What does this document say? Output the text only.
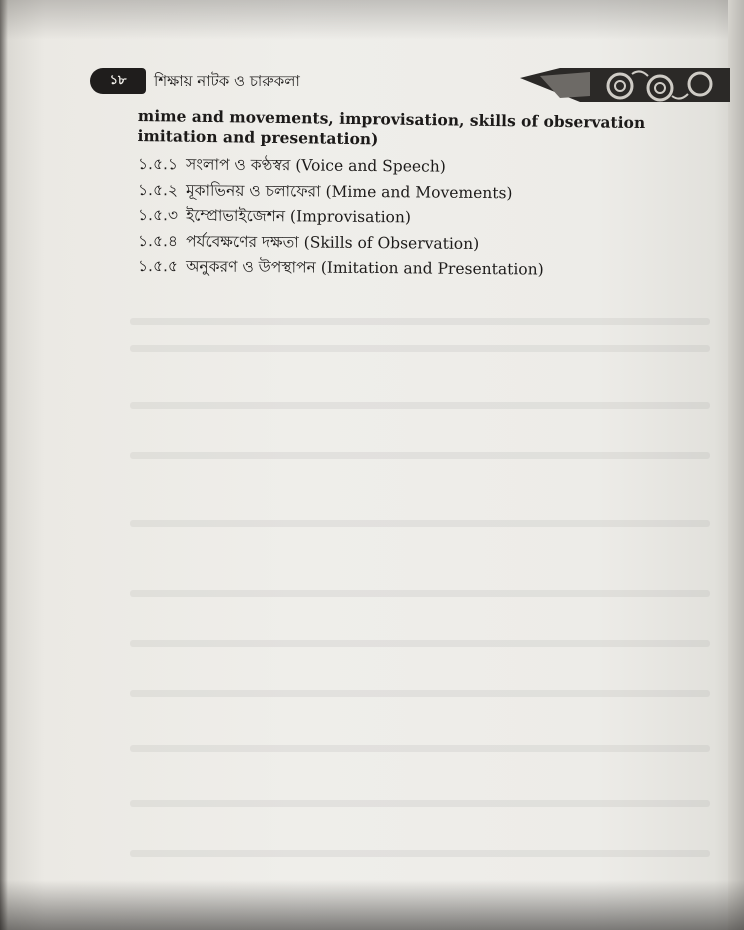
১৮	শিক্ষায় নাটক ও চারুকলা

mime and movements, improvisation, skills of observation
imitation and presentation)

১.৫.১ সংলাপ ও কণ্ঠস্বর (Voice and Speech)
১.৫.২ মূকাভিনয় ও চলাফেরা (Mime and Movements)
১.৫.৩ ইম্প্রোভাইজেশন (Improvisation)
১.৫.৪ পর্যবেক্ষণের দক্ষতা (Skills of Observation)
১.৫.৫ অনুকরণ ও উপস্থাপন (Imitation and Presentation)
